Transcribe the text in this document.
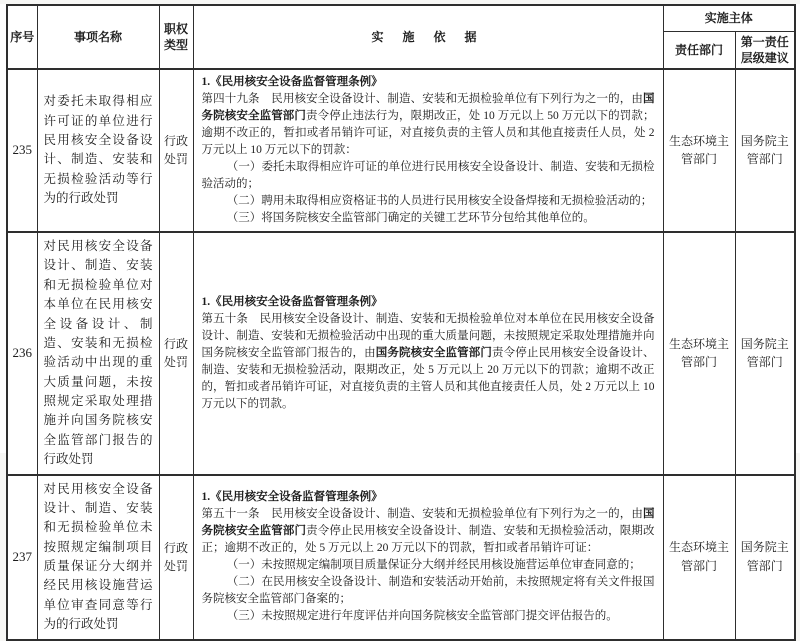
序号	事项名称	职权类型	实 施 依 据	实施主体	
				责任部门	第一责任层级建议
235	对委托未取得相应许可证的单位进行民用核安全设备设计、制造、安装和无损检验活动等行为的行政处罚	行政处罚	1.《民用核安全设备监督管理条例》
第四十九条　民用核安全设备设计、制造、安装和无损检验单位有下列行为之一的，由国务院核安全监管部门责令停止违法行为，限期改正，处 10 万元以上 50 万元以下的罚款；逾期不改正的，暂扣或者吊销许可证，对直接负责的主管人员和其他直接责任人员，处 2 万元以上 10 万元以下的罚款：
（一）委托未取得相应许可证的单位进行民用核安全设备设计、制造、安装和无损检验活动的；
（二）聘用未取得相应资格证书的人员进行民用核安全设备焊接和无损检验活动的；
（三）将国务院核安全监管部门确定的关键工艺环节分包给其他单位的。	生态环境主管部门	国务院主管部门
236	对民用核安全设备设计、制造、安装和无损检验单位对本单位在民用核安全设备设计、制造、安装和无损检验活动中出现的重大质量问题，未按照规定采取处理措施并向国务院核安全监管部门报告的行政处罚	行政处罚	1.《民用核安全设备监督管理条例》
第五十条　民用核安全设备设计、制造、安装和无损检验单位对本单位在民用核安全设备设计、制造、安装和无损检验活动中出现的重大质量问题，未按照规定采取处理措施并向国务院核安全监管部门报告的，由国务院核安全监管部门责令停止民用核安全设备设计、制造、安装和无损检验活动，限期改正，处 5 万元以上 20 万元以下的罚款；逾期不改正的，暂扣或者吊销许可证，对直接负责的主管人员和其他直接责任人员，处 2 万元以上 10 万元以下的罚款。	生态环境主管部门	国务院主管部门
237	对民用核安全设备设计、制造、安装和无损检验单位未按照规定编制项目质量保证分大纲并经民用核设施营运单位审查同意等行为的行政处罚	行政处罚	1.《民用核安全设备监督管理条例》
第五十一条　民用核安全设备设计、制造、安装和无损检验单位有下列行为之一的，由国务院核安全监管部门责令停止民用核安全设备设计、制造、安装和无损检验活动，限期改正；逾期不改正的，处 5 万元以上 20 万元以下的罚款，暂扣或者吊销许可证：
（一）未按照规定编制项目质量保证分大纲并经民用核设施营运单位审查同意的；
（二）在民用核安全设备设计、制造和安装活动开始前，未按照规定将有关文件报国务院核安全监管部门备案的；
（三）未按照规定进行年度评估并向国务院核安全监管部门提交评估报告的。	生态环境主管部门	国务院主管部门
